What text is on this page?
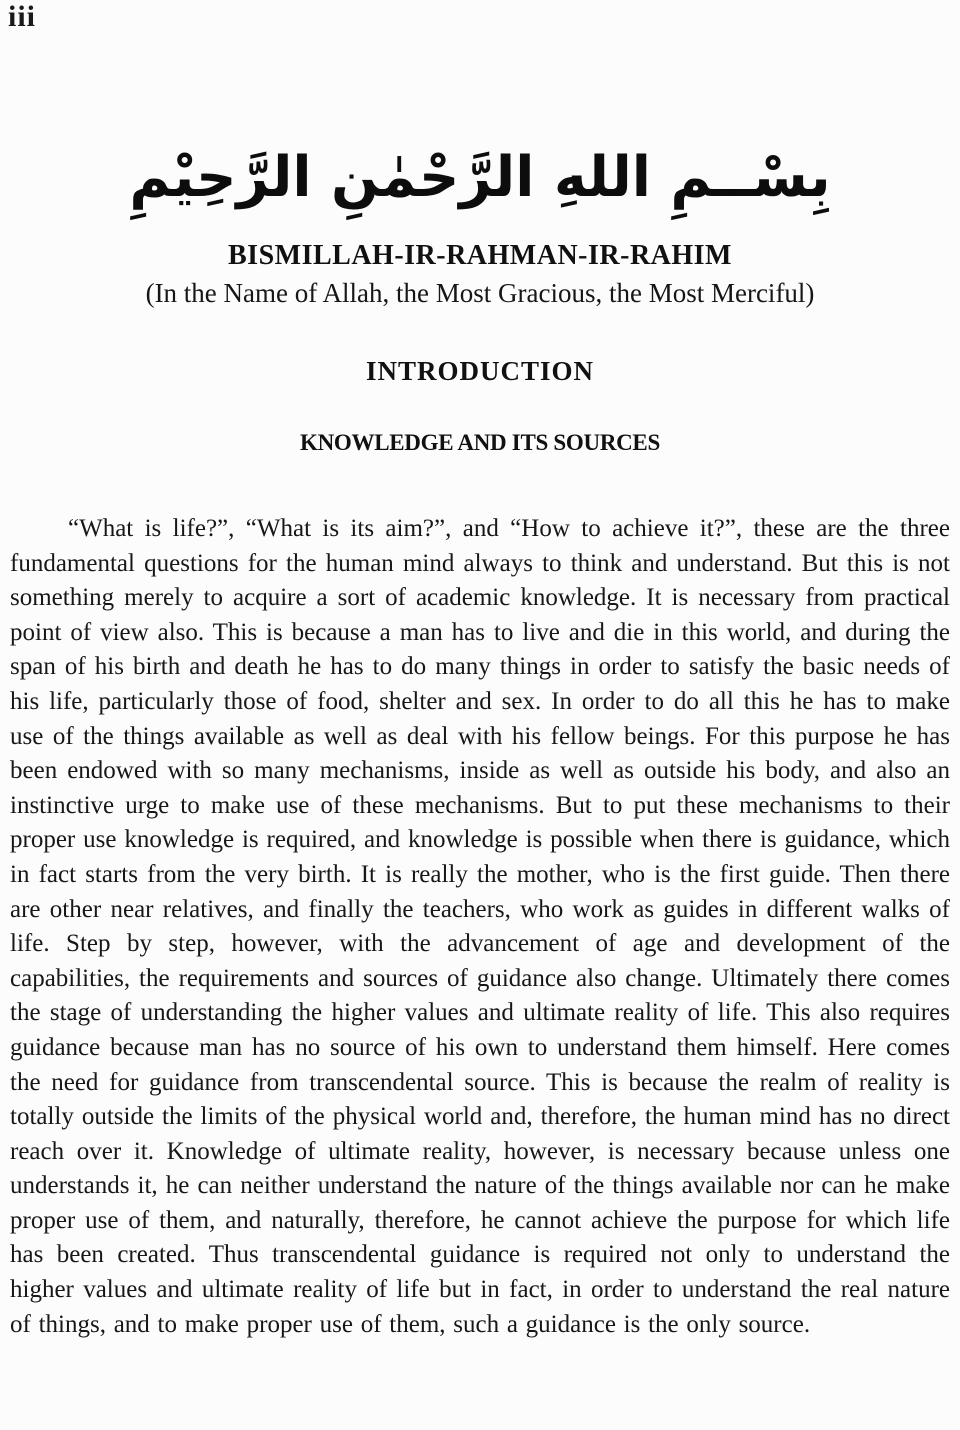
iii
بِسْــمِ اللهِ الرَّحْمٰنِ الرَّحِيْمِ
BISMILLAH-IR-RAHMAN-IR-RAHIM
(In the Name of Allah, the Most Gracious, the Most Merciful)
INTRODUCTION
KNOWLEDGE AND ITS SOURCES

“What is life?”, “What is its aim?”, and “How to achieve it?”, these are the three fundamental questions for the human mind always to think and understand. But this is not something merely to acquire a sort of academic knowledge. It is necessary from practical point of view also. This is because a man has to live and die in this world, and during the span of his birth and death he has to do many things in order to satisfy the basic needs of his life, particularly those of food, shelter and sex. In order to do all this he has to make use of the things available as well as deal with his fellow beings. For this purpose he has been endowed with so many mechanisms, inside as well as outside his body, and also an instinctive urge to make use of these mechanisms. But to put these mechanisms to their proper use knowledge is required, and knowledge is possible when there is guidance, which in fact starts from the very birth. It is really the mother, who is the first guide. Then there are other near relatives, and finally the teachers, who work as guides in different walks of life. Step by step, however, with the advancement of age and development of the capabilities, the requirements and sources of guidance also change. Ultimately there comes the stage of understanding the higher values and ultimate reality of life. This also requires guidance because man has no source of his own to understand them himself. Here comes the need for guidance from transcendental source. This is because the realm of reality is totally outside the limits of the physical world and, therefore, the human mind has no direct reach over it. Knowledge of ultimate reality, however, is necessary because unless one understands it, he can neither understand the nature of the things available nor can he make proper use of them, and naturally, therefore, he cannot achieve the purpose for which life has been created. Thus transcendental guidance is required not only to understand the higher values and ultimate reality of life but in fact, in order to understand the real nature of things, and to make proper use of them, such a guidance is the only source.
